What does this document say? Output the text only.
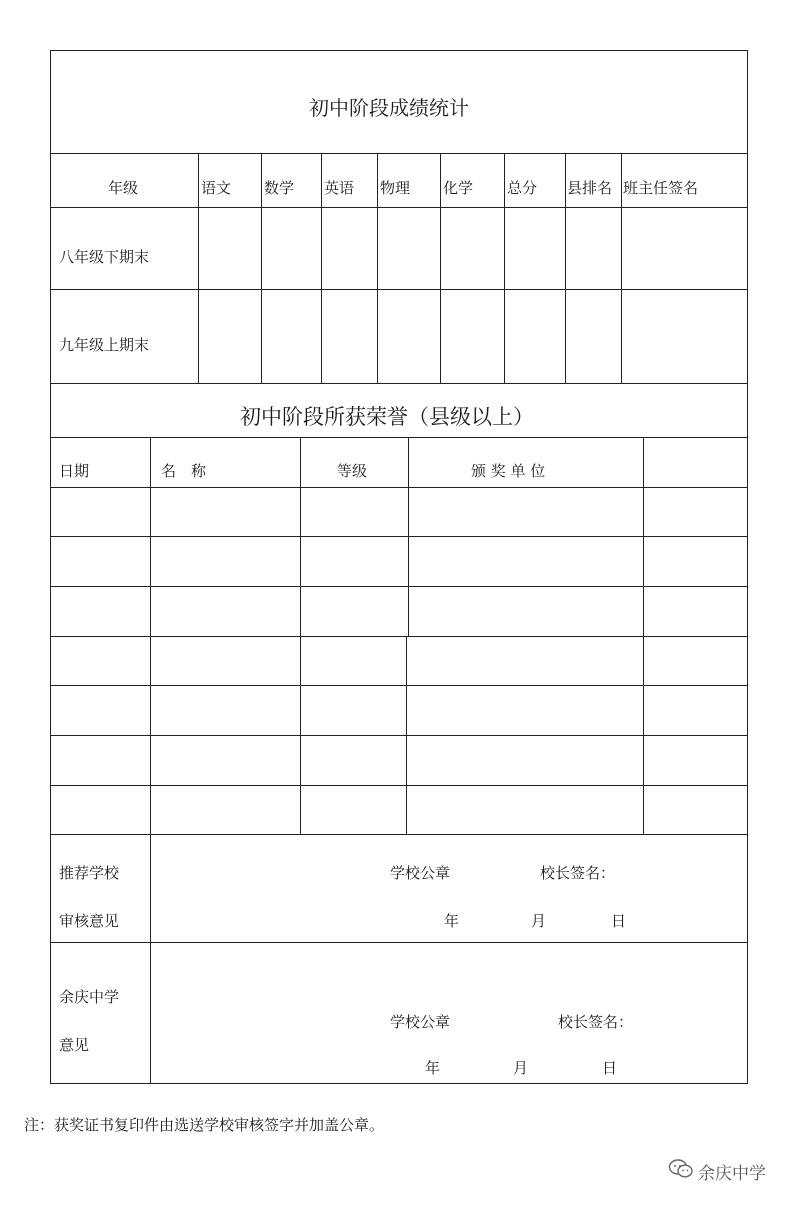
初中阶段成绩统计
年级	语文 数学 英语 物理 化学 总分 县排名 班主任签名
八年级下期末
九年级上期末
初中阶段所获荣誉（县级以上）
日期	名　称	等级	颁 奖 单 位
推荐学校
审核意见
学校公章	校长签名：
年	月	日
余庆中学
意见
学校公章	校长签名：
年	月	日
注：获奖证书复印件由选送学校审核签字并加盖公章。
余庆中学
